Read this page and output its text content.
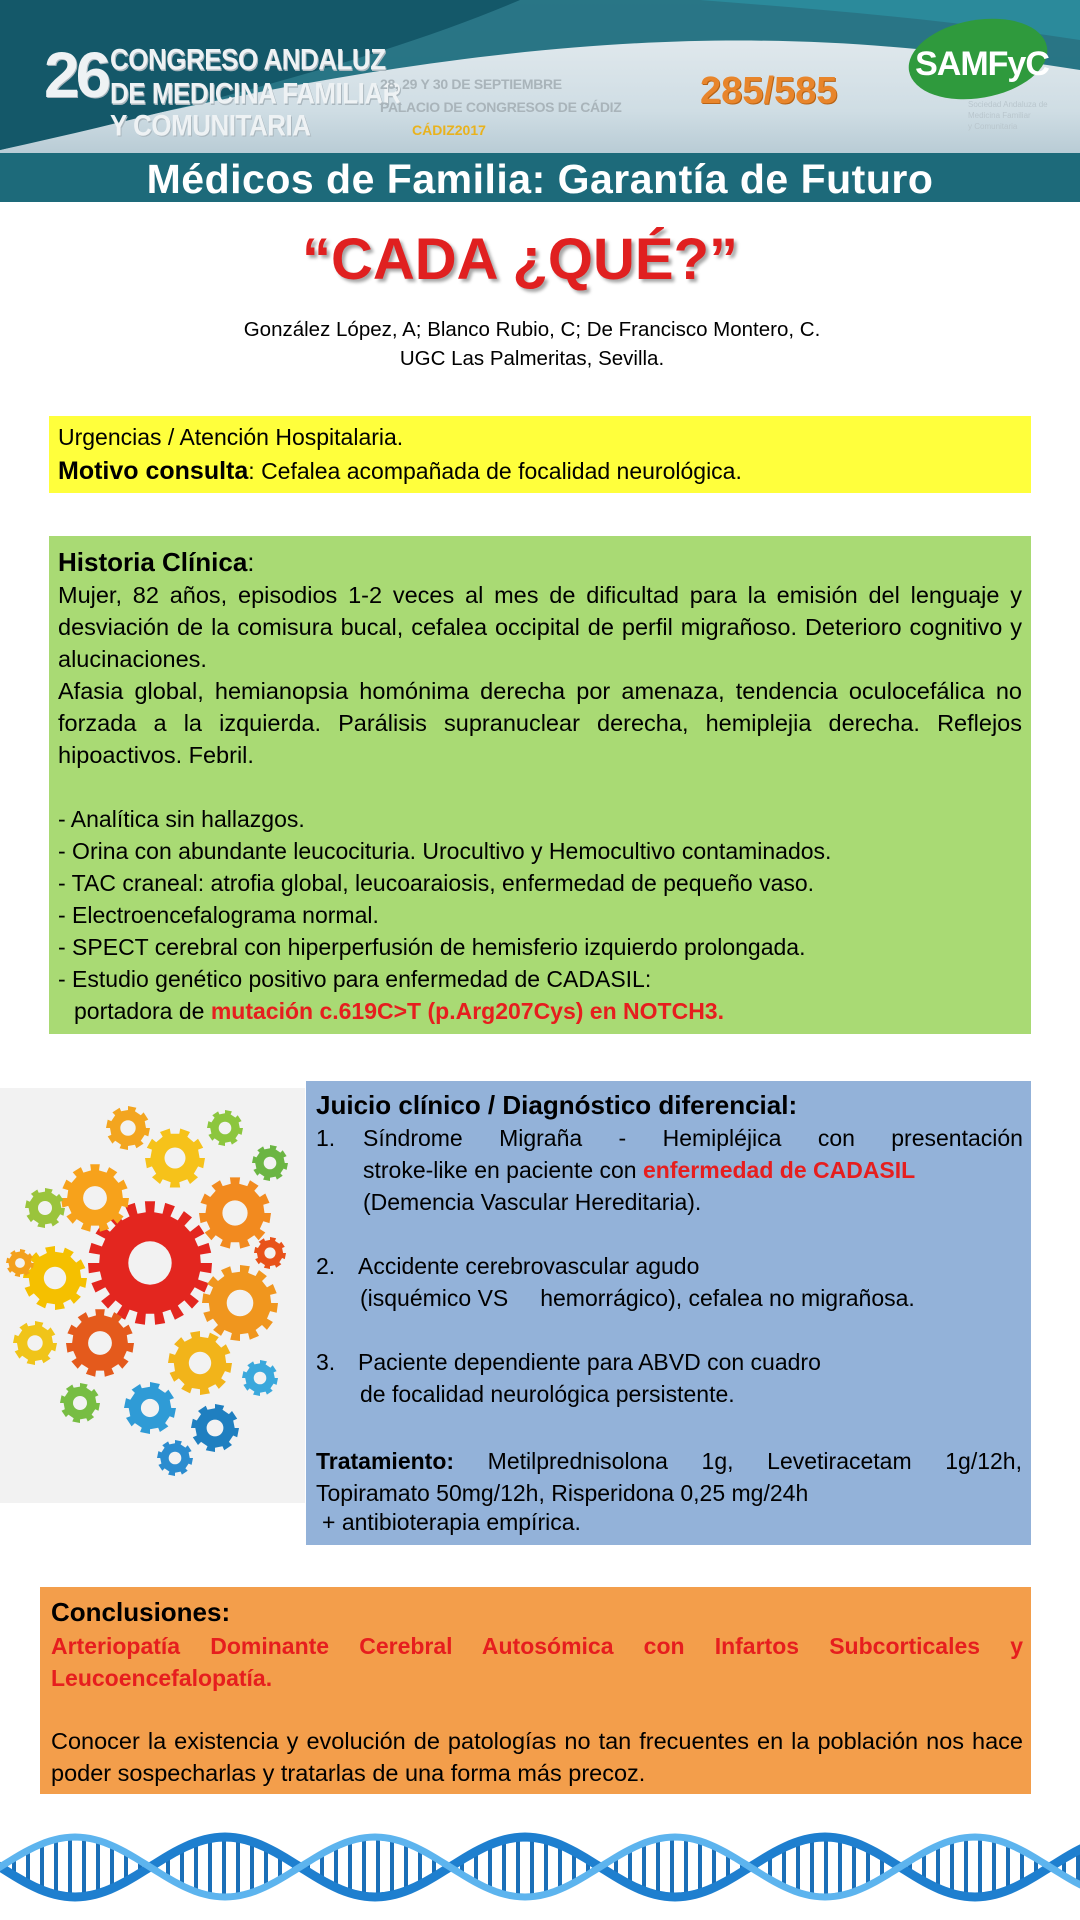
26 CONGRESO ANDALUZ
DE MEDICINA FAMILIAR
Y COMUNITARIA
28, 29 Y 30 DE SEPTIEMBRE
PALACIO DE CONGRESOS DE CÁDIZ
CÁDIZ2017
285/585
SAMFyC
Sociedad Andaluza de
Medicina Familiar
y Comunitaria
Médicos de Familia: Garantía de Futuro
“CADA ¿QUÉ?”
González López, A; Blanco Rubio, C; De Francisco Montero, C.
UGC Las Palmeritas, Sevilla.
Urgencias / Atención Hospitalaria.
Motivo consulta: Cefalea acompañada de focalidad neurológica.
Historia Clínica:

Mujer, 82 años, episodios 1-2 veces al mes de dificultad para la emisión del lenguaje y desviación de la comisura bucal, cefalea occipital de perfil migrañoso. Deterioro cognitivo y alucinaciones.

Afasia global, hemianopsia homónima derecha por amenaza, tendencia oculocefálica no forzada a la izquierda. Parálisis supranuclear derecha, hemiplejia derecha. Reflejos hipoactivos. Febril.

- Analítica sin hallazgos.
- Orina con abundante leucocituria. Urocultivo y Hemocultivo contaminados.
- TAC craneal: atrofia global, leucoaraiosis, enfermedad de pequeño vaso.
- Electroencefalograma normal.
- SPECT cerebral con hiperperfusión de hemisferio izquierdo prolongada.
- Estudio genético positivo para enfermedad de CADASIL:
portadora de mutación c.619C>T (p.Arg207Cys) en NOTCH3.
Juicio clínico / Diagnóstico diferencial:
1. Síndrome Migraña - Hemipléjica con presentación
stroke-like en paciente con enfermedad de CADASIL
(Demencia Vascular Hereditaria).
2. Accidente cerebrovascular agudo
(isquémico VS     hemorrágico), cefalea no migrañosa.
3. Paciente dependiente para ABVD con cuadro
de focalidad neurológica persistente.
Tratamiento: Metilprednisolona 1g, Levetiracetam 1g/12h, Topiramato 50mg/12h, Risperidona 0,25 mg/24h
+ antibioterapia empírica.
Conclusiones:
Arteriopatía Dominante Cerebral Autosómica con Infartos Subcorticales y Leucoencefalopatía.
Conocer la existencia y evolución de patologías no tan frecuentes en la población nos hace poder sospecharlas y tratarlas de una forma más precoz.
